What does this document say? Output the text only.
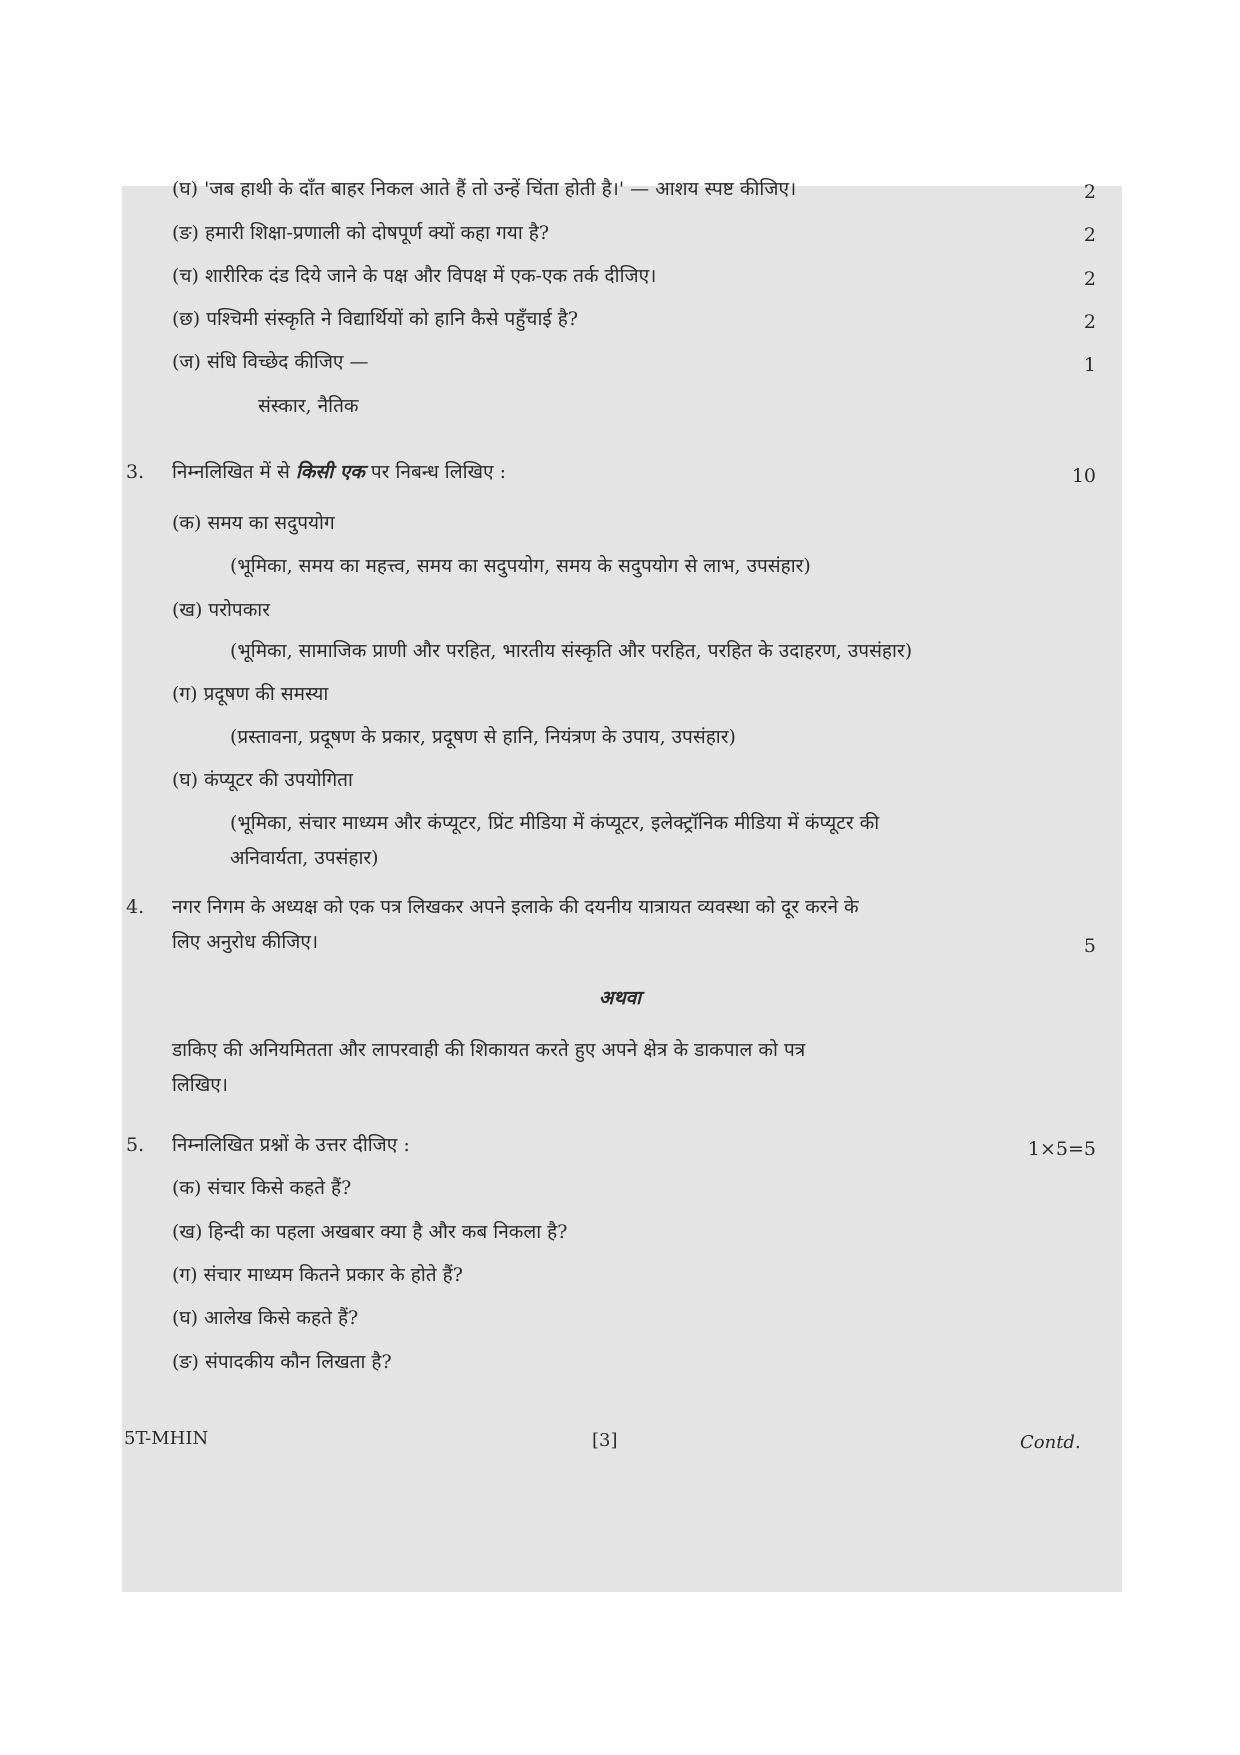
(घ) 'जब हाथी के दाँत बाहर निकल आते हैं तो उन्हें चिंता होती है।' — आशय स्पष्ट कीजिए।	2
(ङ) हमारी शिक्षा-प्रणाली को दोषपूर्ण क्यों कहा गया है?	2
(च) शारीरिक दंड दिये जाने के पक्ष और विपक्ष में एक-एक तर्क दीजिए।	2
(छ) पश्चिमी संस्कृति ने विद्यार्थियों को हानि कैसे पहुँचाई है?	2
(ज) संधि विच्छेद कीजिए —	1
संस्कार, नैतिक
3. निम्नलिखित में से किसी एक पर निबन्ध लिखिए :	10
(क) समय का सदुपयोग
(भूमिका, समय का महत्त्व, समय का सदुपयोग, समय के सदुपयोग से लाभ, उपसंहार)
(ख) परोपकार
(भूमिका, सामाजिक प्राणी और परहित, भारतीय संस्कृति और परहित, परहित के उदाहरण, उपसंहार)
(ग) प्रदूषण की समस्या
(प्रस्तावना, प्रदूषण के प्रकार, प्रदूषण से हानि, नियंत्रण के उपाय, उपसंहार)
(घ) कंप्यूटर की उपयोगिता
(भूमिका, संचार माध्यम और कंप्यूटर, प्रिंट मीडिया में कंप्यूटर, इलेक्ट्रॉनिक मीडिया में कंप्यूटर की
अनिवार्यता, उपसंहार)
4. नगर निगम के अध्यक्ष को एक पत्र लिखकर अपने इलाके की दयनीय यात्रायत व्यवस्था को दूर करने के
लिए अनुरोध कीजिए।	5
अथवा
डाकिए की अनियमितता और लापरवाही की शिकायत करते हुए अपने क्षेत्र के डाकपाल को पत्र
लिखिए।
5. निम्नलिखित प्रश्नों के उत्तर दीजिए :	1×5=5
(क) संचार किसे कहते हैं?
(ख) हिन्दी का पहला अखबार क्या है और कब निकला है?
(ग) संचार माध्यम कितने प्रकार के होते हैं?
(घ) आलेख किसे कहते हैं?
(ङ) संपादकीय कौन लिखता है?
5T-MHIN	[3]	Contd.
